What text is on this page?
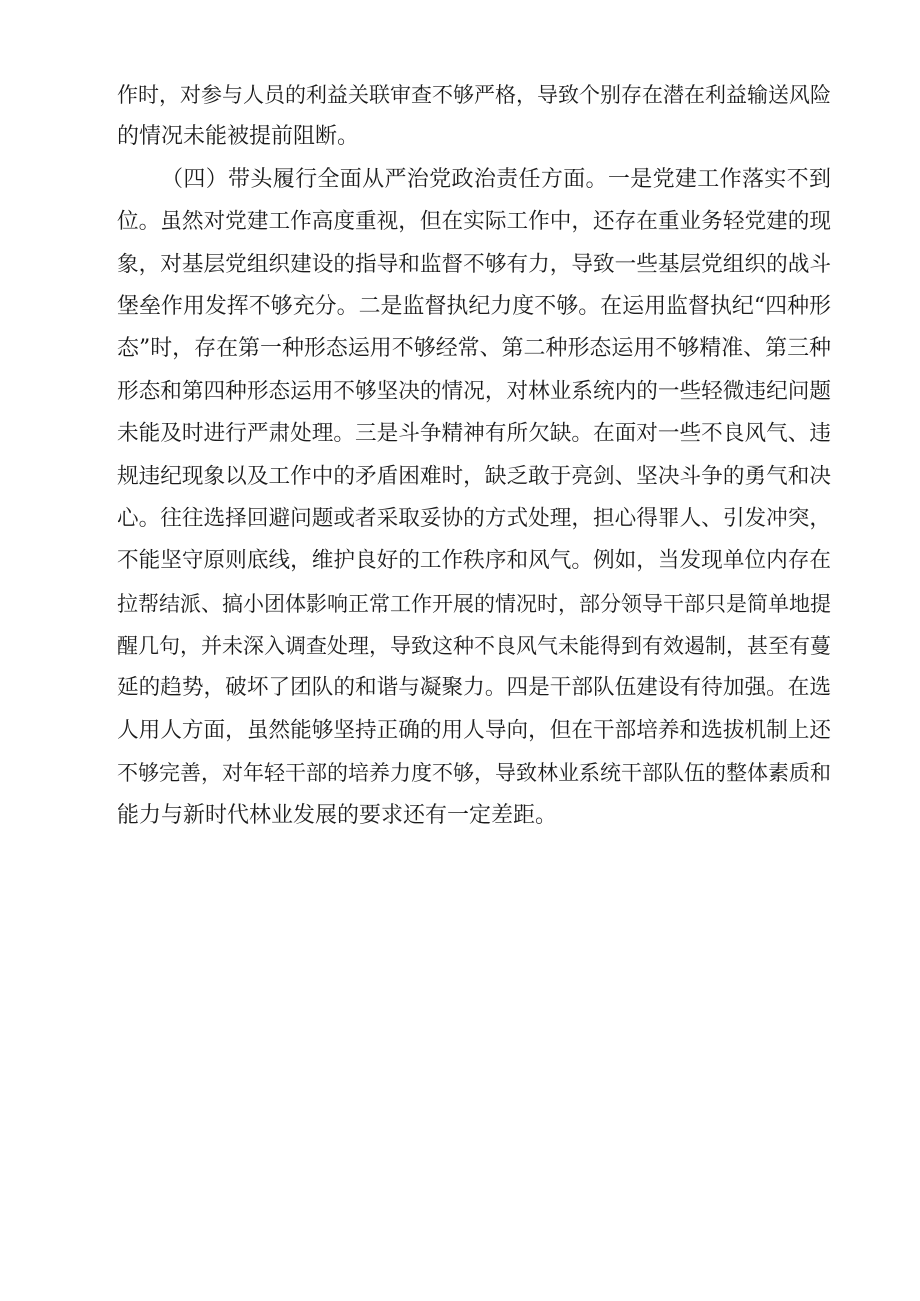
作时，对参与人员的利益关联审查不够严格，导致个别存在潜在利益输送风险
的情况未能被提前阻断。
（四）带头履行全面从严治党政治责任方面。一是党建工作落实不到
位。虽然对党建工作高度重视，但在实际工作中，还存在重业务轻党建的现
象，对基层党组织建设的指导和监督不够有力，导致一些基层党组织的战斗
堡垒作用发挥不够充分。二是监督执纪力度不够。在运用监督执纪“四种形
态”时，存在第一种形态运用不够经常、第二种形态运用不够精准、第三种
形态和第四种形态运用不够坚决的情况，对林业系统内的一些轻微违纪问题
未能及时进行严肃处理。三是斗争精神有所欠缺。在面对一些不良风气、违
规违纪现象以及工作中的矛盾困难时，缺乏敢于亮剑、坚决斗争的勇气和决
心。往往选择回避问题或者采取妥协的方式处理，担心得罪人、引发冲突，
不能坚守原则底线，维护良好的工作秩序和风气。例如，当发现单位内存在
拉帮结派、搞小团体影响正常工作开展的情况时，部分领导干部只是简单地提
醒几句，并未深入调查处理，导致这种不良风气未能得到有效遏制，甚至有蔓
延的趋势，破坏了团队的和谐与凝聚力。四是干部队伍建设有待加强。在选
人用人方面，虽然能够坚持正确的用人导向，但在干部培养和选拔机制上还
不够完善，对年轻干部的培养力度不够，导致林业系统干部队伍的整体素质和
能力与新时代林业发展的要求还有一定差距。
